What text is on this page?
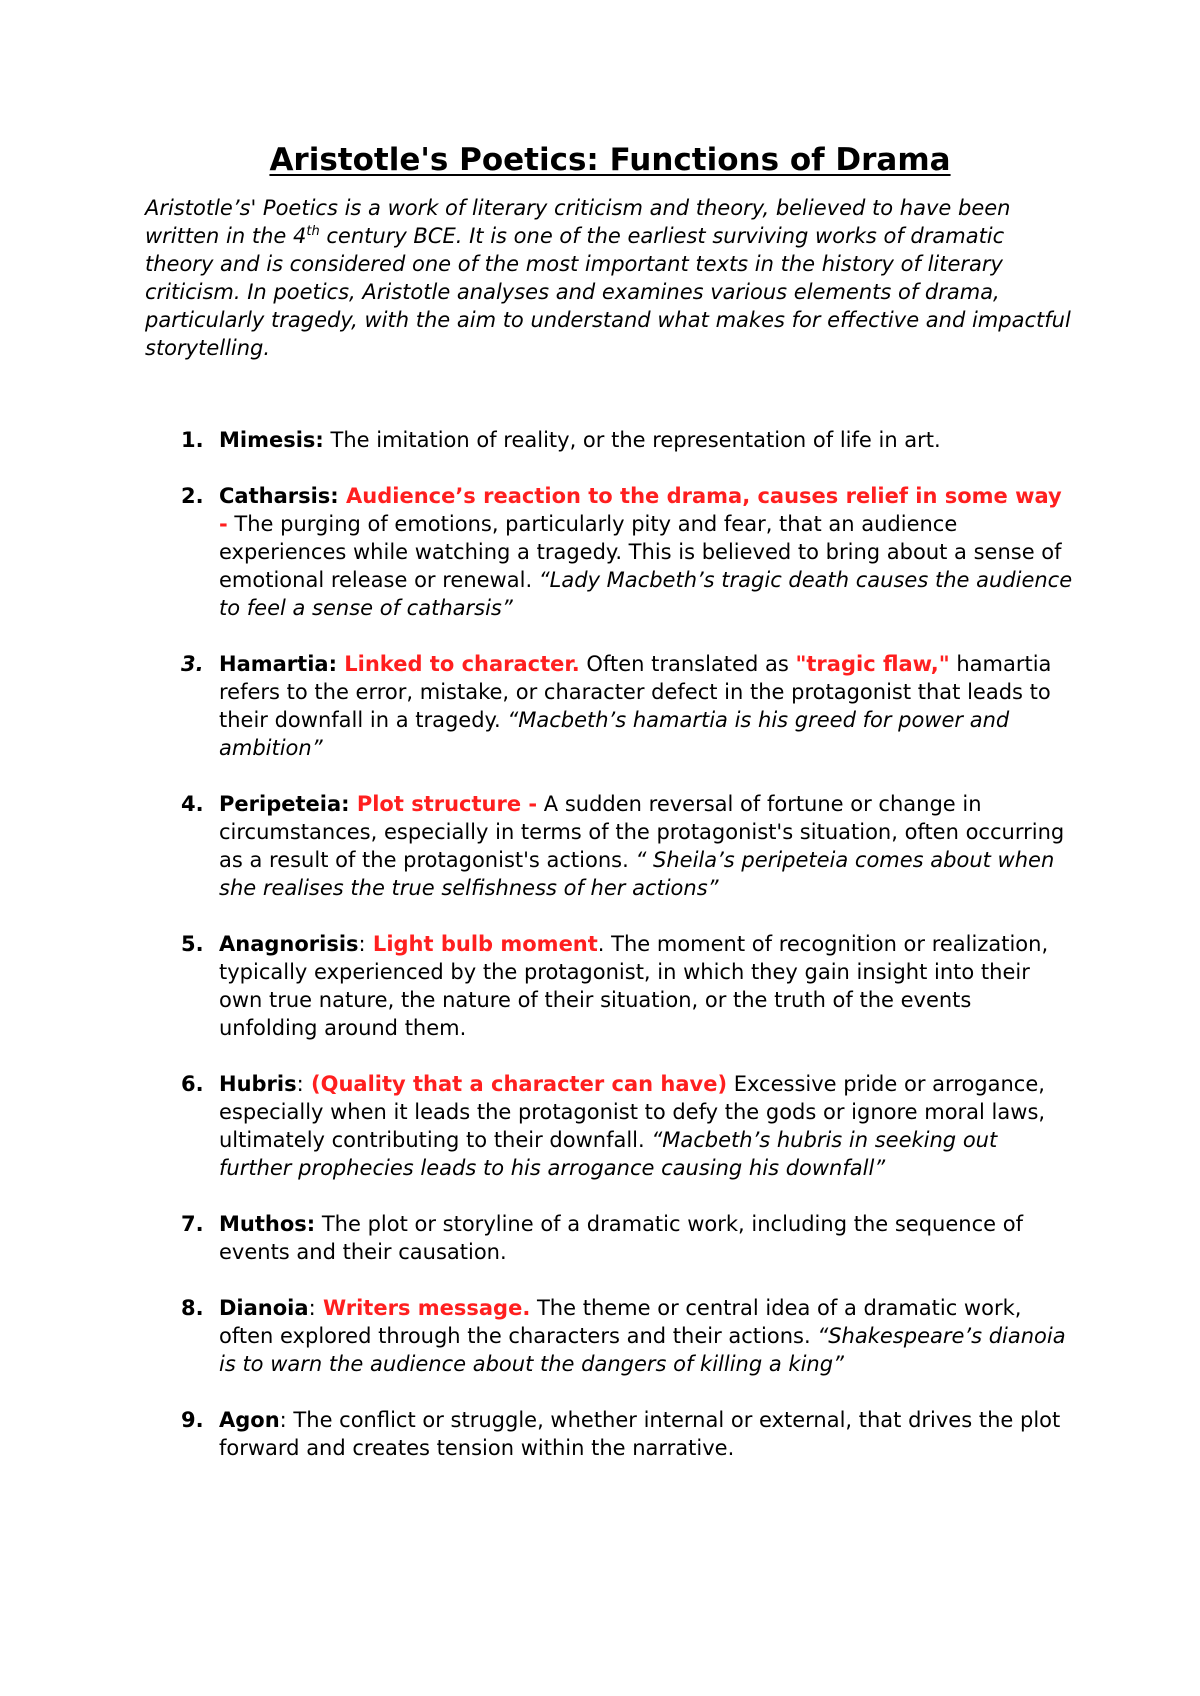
Aristotle's Poetics: Functions of Drama

Aristotle’s' Poetics is a work of literary criticism and theory, believed to have been written in the 4th century BCE. It is one of the earliest surviving works of dramatic theory and is considered one of the most important texts in the history of literary criticism. In poetics, Aristotle analyses and examines various elements of drama, particularly tragedy, with the aim to understand what makes for effective and impactful storytelling.

1. Mimesis: The imitation of reality, or the representation of life in art.
2. Catharsis: Audience’s reaction to the drama, causes relief in some way - The purging of emotions, particularly pity and fear, that an audience experiences while watching a tragedy. This is believed to bring about a sense of emotional release or renewal. “Lady Macbeth’s tragic death causes the audience to feel a sense of catharsis”
3. Hamartia: Linked to character. Often translated as "tragic flaw," hamartia refers to the error, mistake, or character defect in the protagonist that leads to their downfall in a tragedy. “Macbeth’s hamartia is his greed for power and ambition”
4. Peripeteia: Plot structure - A sudden reversal of fortune or change in circumstances, especially in terms of the protagonist's situation, often occurring as a result of the protagonist's actions. “ Sheila’s peripeteia comes about when she realises the true selfishness of her actions”
5. Anagnorisis: Light bulb moment. The moment of recognition or realization, typically experienced by the protagonist, in which they gain insight into their own true nature, the nature of their situation, or the truth of the events unfolding around them.
6. Hubris: (Quality that a character can have) Excessive pride or arrogance, especially when it leads the protagonist to defy the gods or ignore moral laws, ultimately contributing to their downfall. “Macbeth’s hubris in seeking out further prophecies leads to his arrogance causing his downfall”
7. Muthos: The plot or storyline of a dramatic work, including the sequence of events and their causation.
8. Dianoia: Writers message. The theme or central idea of a dramatic work, often explored through the characters and their actions. “Shakespeare’s dianoia is to warn the audience about the dangers of killing a king”
9. Agon: The conflict or struggle, whether internal or external, that drives the plot forward and creates tension within the narrative.
